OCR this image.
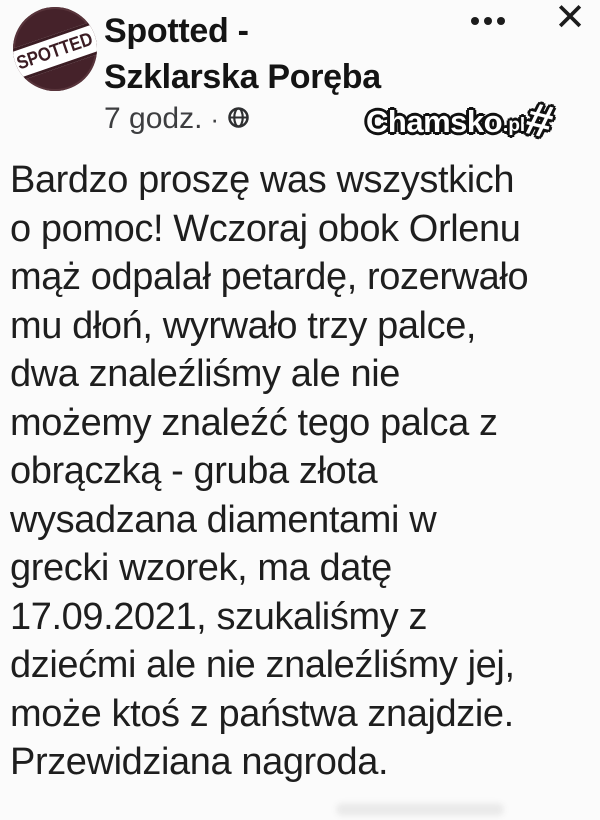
SPOTTED Spotted -
Szklarska Poręba
7 godz. ·
✕
Chamsko .pl
#
Bardzo proszę was wszystkich
o pomoc! Wczoraj obok Orlenu
mąż odpalał petardę, rozerwało
mu dłoń, wyrwało trzy palce,
dwa znaleźliśmy ale nie
możemy znaleźć tego palca z
obrączką - gruba złota
wysadzana diamentami w
grecki wzorek, ma datę
17.09.2021, szukaliśmy z
dziećmi ale nie znaleźliśmy jej,
może ktoś z państwa znajdzie.
Przewidziana nagroda.
